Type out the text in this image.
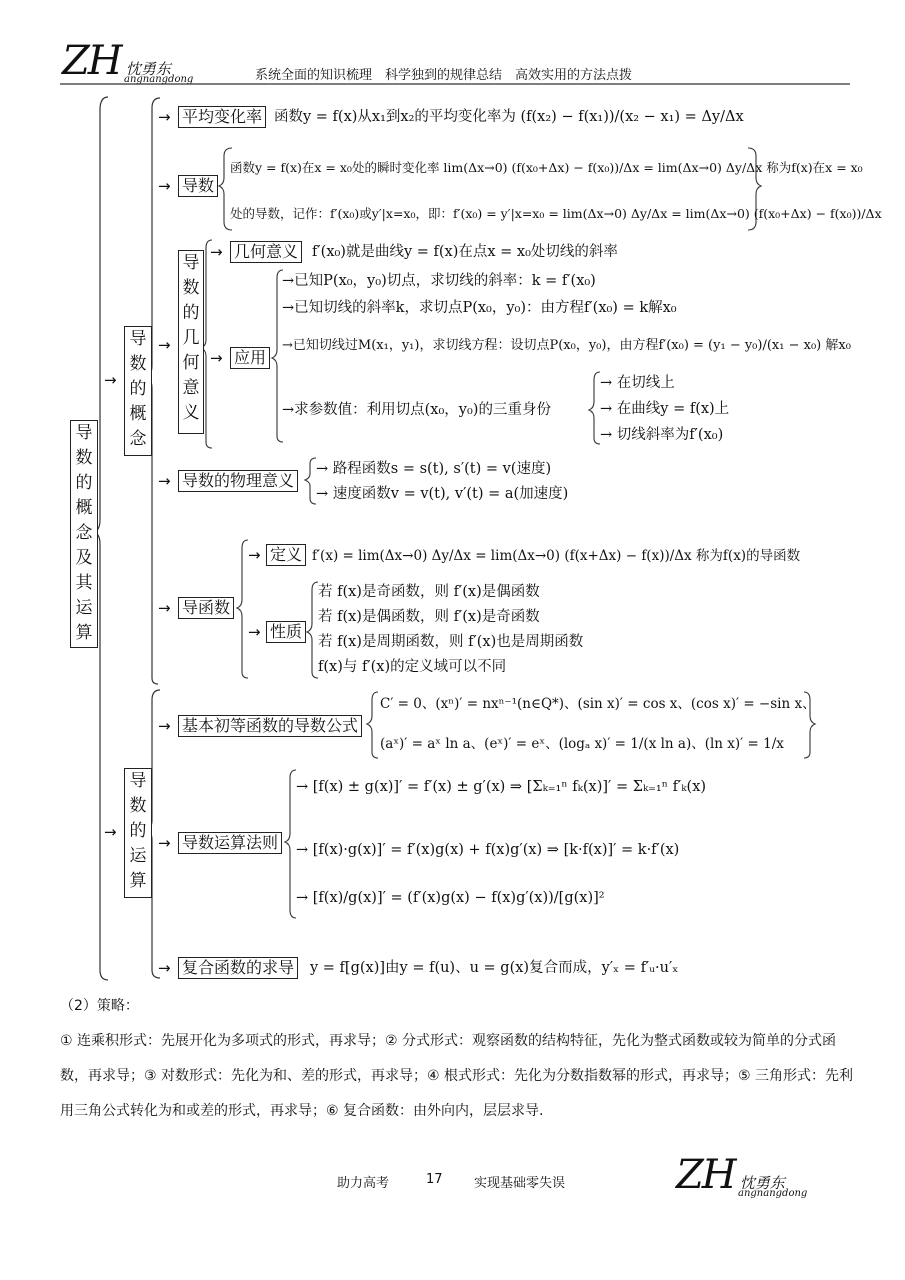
ZH 忱勇东
angnangdong	系统全面的知识梳理　科学独到的规律总结　高效实用的方法点拨
导
数
的
概
念
及
其
运
算
→
导
数
的
概
念
→ 平均变化率 函数y = f(x)从x₁到x₂的平均变化率为 (f(x₂) − f(x₁))/(x₂ − x₁) = Δy/Δx
→ 导数
函数y = f(x)在x = x₀处的瞬时变化率 lim(Δx→0) (f(x₀+Δx) − f(x₀))/Δx = lim(Δx→0) Δy/Δx 称为f(x)在x = x₀
处的导数，记作：f′(x₀)或y′|x=x₀，即：f′(x₀) = y′|x=x₀ = lim(Δx→0) Δy/Δx = lim(Δx→0) (f(x₀+Δx) − f(x₀))/Δx
→
导
数
的
几
何
意
义
→ 几何意义 f′(x₀)就是曲线y = f(x)在点x = x₀处切线的斜率
→ 应用
→已知P(x₀，y₀)切点，求切线的斜率：k = f′(x₀)
→已知切线的斜率k，求切点P(x₀，y₀)：由方程f′(x₀) = k解x₀
→已知切线过M(x₁，y₁)，求切线方程：设切点P(x₀，y₀)，由方程f′(x₀) = (y₁ − y₀)/(x₁ − x₀) 解x₀
→求参数值：利用切点(x₀，y₀)的三重身份
→ 在切线上
→ 在曲线y = f(x)上
→ 切线斜率为f′(x₀)
→ 导数的物理意义
→ 路程函数s = s(t), s′(t) = v(速度)
→ 速度函数v = v(t), v′(t) = a(加速度)
→ 导函数
→ 定义 f′(x) = lim(Δx→0) Δy/Δx = lim(Δx→0) (f(x+Δx) − f(x))/Δx 称为f(x)的导函数
→ 性质
若 f(x)是奇函数，则 f′(x)是偶函数
若 f(x)是偶函数，则 f′(x)是奇函数
若 f(x)是周期函数，则 f′(x)也是周期函数
f(x)与 f′(x)的定义域可以不同
→
导
数
的
运
算
→ 基本初等函数的导数公式
C′ = 0、(xⁿ)′ = nxⁿ⁻¹(n∈Q*)、(sin x)′ = cos x、(cos x)′ = −sin x、
(aˣ)′ = aˣ ln a、(eˣ)′ = eˣ、(logₐ x)′ = 1/(x ln a)、(ln x)′ = 1/x
→ 导数运算法则
→ [f(x) ± g(x)]′ = f′(x) ± g′(x) ⇒ [Σₖ₌₁ⁿ fₖ(x)]′ = Σₖ₌₁ⁿ f′ₖ(x)
→ [f(x)·g(x)]′ = f′(x)g(x) + f(x)g′(x) ⇒ [k·f(x)]′ = k·f′(x)
→ [f(x)/g(x)]′ = (f′(x)g(x) − f(x)g′(x))/[g(x)]²
→ 复合函数的求导 y = f[g(x)]由y = f(u)、u = g(x)复合而成，y′ₓ = f′ᵤ·u′ₓ
（2）策略：
① 连乘积形式：先展开化为多项式的形式，再求导；② 分式形式：观察函数的结构特征，先化为整式函数或较为简单的分式函数，再求导；③ 对数形式：先化为和、差的形式，再求导；④ 根式形式：先化为分数指数幂的形式，再求导；⑤ 三角形式：先利用三角公式转化为和或差的形式，再求导；⑥ 复合函数：由外向内，层层求导.
助力高考	17 实现基础零失误	ZH 忱勇东
angnangdong
